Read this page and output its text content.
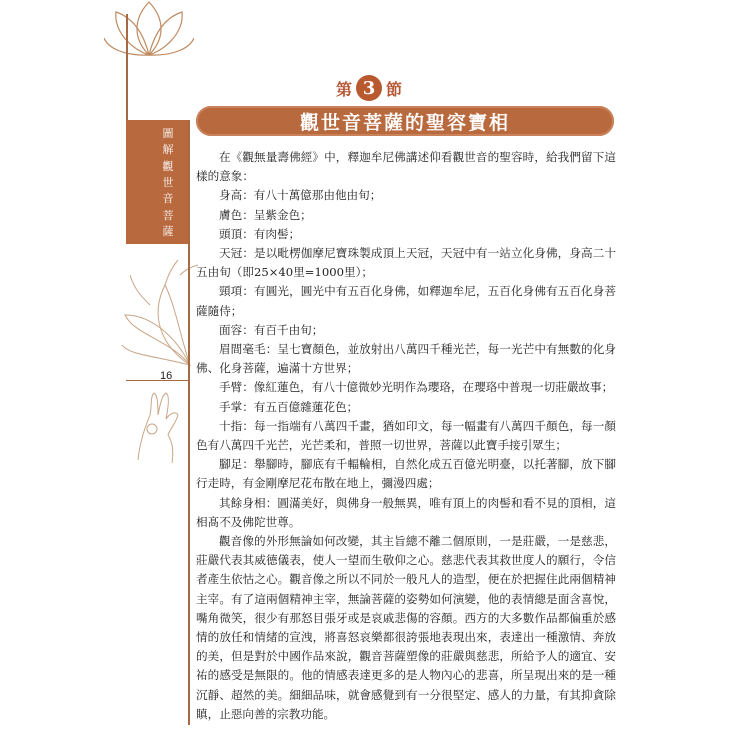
第 3 節
觀世音菩薩的聖容寶相
圖
解
觀
世
音
菩
薩
16

在《觀無量壽佛經》中，釋迦牟尼佛講述仰看觀世音的聖容時，給我們留下這樣的意象：

身高：有八十萬億那由他由旬；

膚色：呈紫金色；

頭頂：有肉髻；

天冠：是以毗楞伽摩尼寶珠製成頂上天冠，天冠中有一站立化身佛，身高二十五由旬（即25×40里=1000里）；

頸項：有圓光，圓光中有五百化身佛，如釋迦牟尼，五百化身佛有五百化身菩薩隨侍；

面容：有百千由旬；

眉間毫毛：呈七寶顏色，並放射出八萬四千種光芒，每一光芒中有無數的化身佛、化身菩薩，遍滿十方世界；

手臂：像紅蓮色，有八十億微妙光明作為瓔珞，在瓔珞中普現一切莊嚴故事；

手掌：有五百億雜蓮花色；

十指：每一指端有八萬四千畫，猶如印文，每一幅畫有八萬四千顏色，每一顏色有八萬四千光芒，光芒柔和，普照一切世界，菩薩以此寶手接引眾生；

腳足：舉腳時，腳底有千輻輪相，自然化成五百億光明臺，以托著腳，放下腳行走時，有金剛摩尼花布散在地上，彌漫四處；

其餘身相：圓滿美好，與佛身一般無異，唯有頂上的肉髻和看不見的頂相，這相髙不及佛陀世尊。

觀音像的外形無論如何改變，其主旨總不離二個原則，一是莊嚴，一是慈悲，莊嚴代表其威德儀表，使人一望而生敬仰之心。慈悲代表其救世度人的願行，令信者產生依怙之心。觀音像之所以不同於一般凡人的造型，便在於把握住此兩個精神主宰。有了這兩個精神主宰，無論菩薩的姿勢如何演變，他的表情總是面含喜悅，嘴角微笑，很少有那怒目張牙或是哀戚悲傷的容顏。西方的大多數作品都偏重於感情的放任和情緒的宣洩，將喜怒哀樂都很誇張地表現出來，表達出一種激情、奔放的美，但是對於中國作品來說，觀音菩薩塑像的莊嚴與慈悲，所給予人的適宜、安祐的感受是無限的。他的情感表達更多的是人物內心的悲喜，所呈現出來的是一種沉靜、超然的美。細細品味，就會感覺到有一分很堅定、感人的力量，有其抑貪除瞋，止惡向善的宗教功能。
